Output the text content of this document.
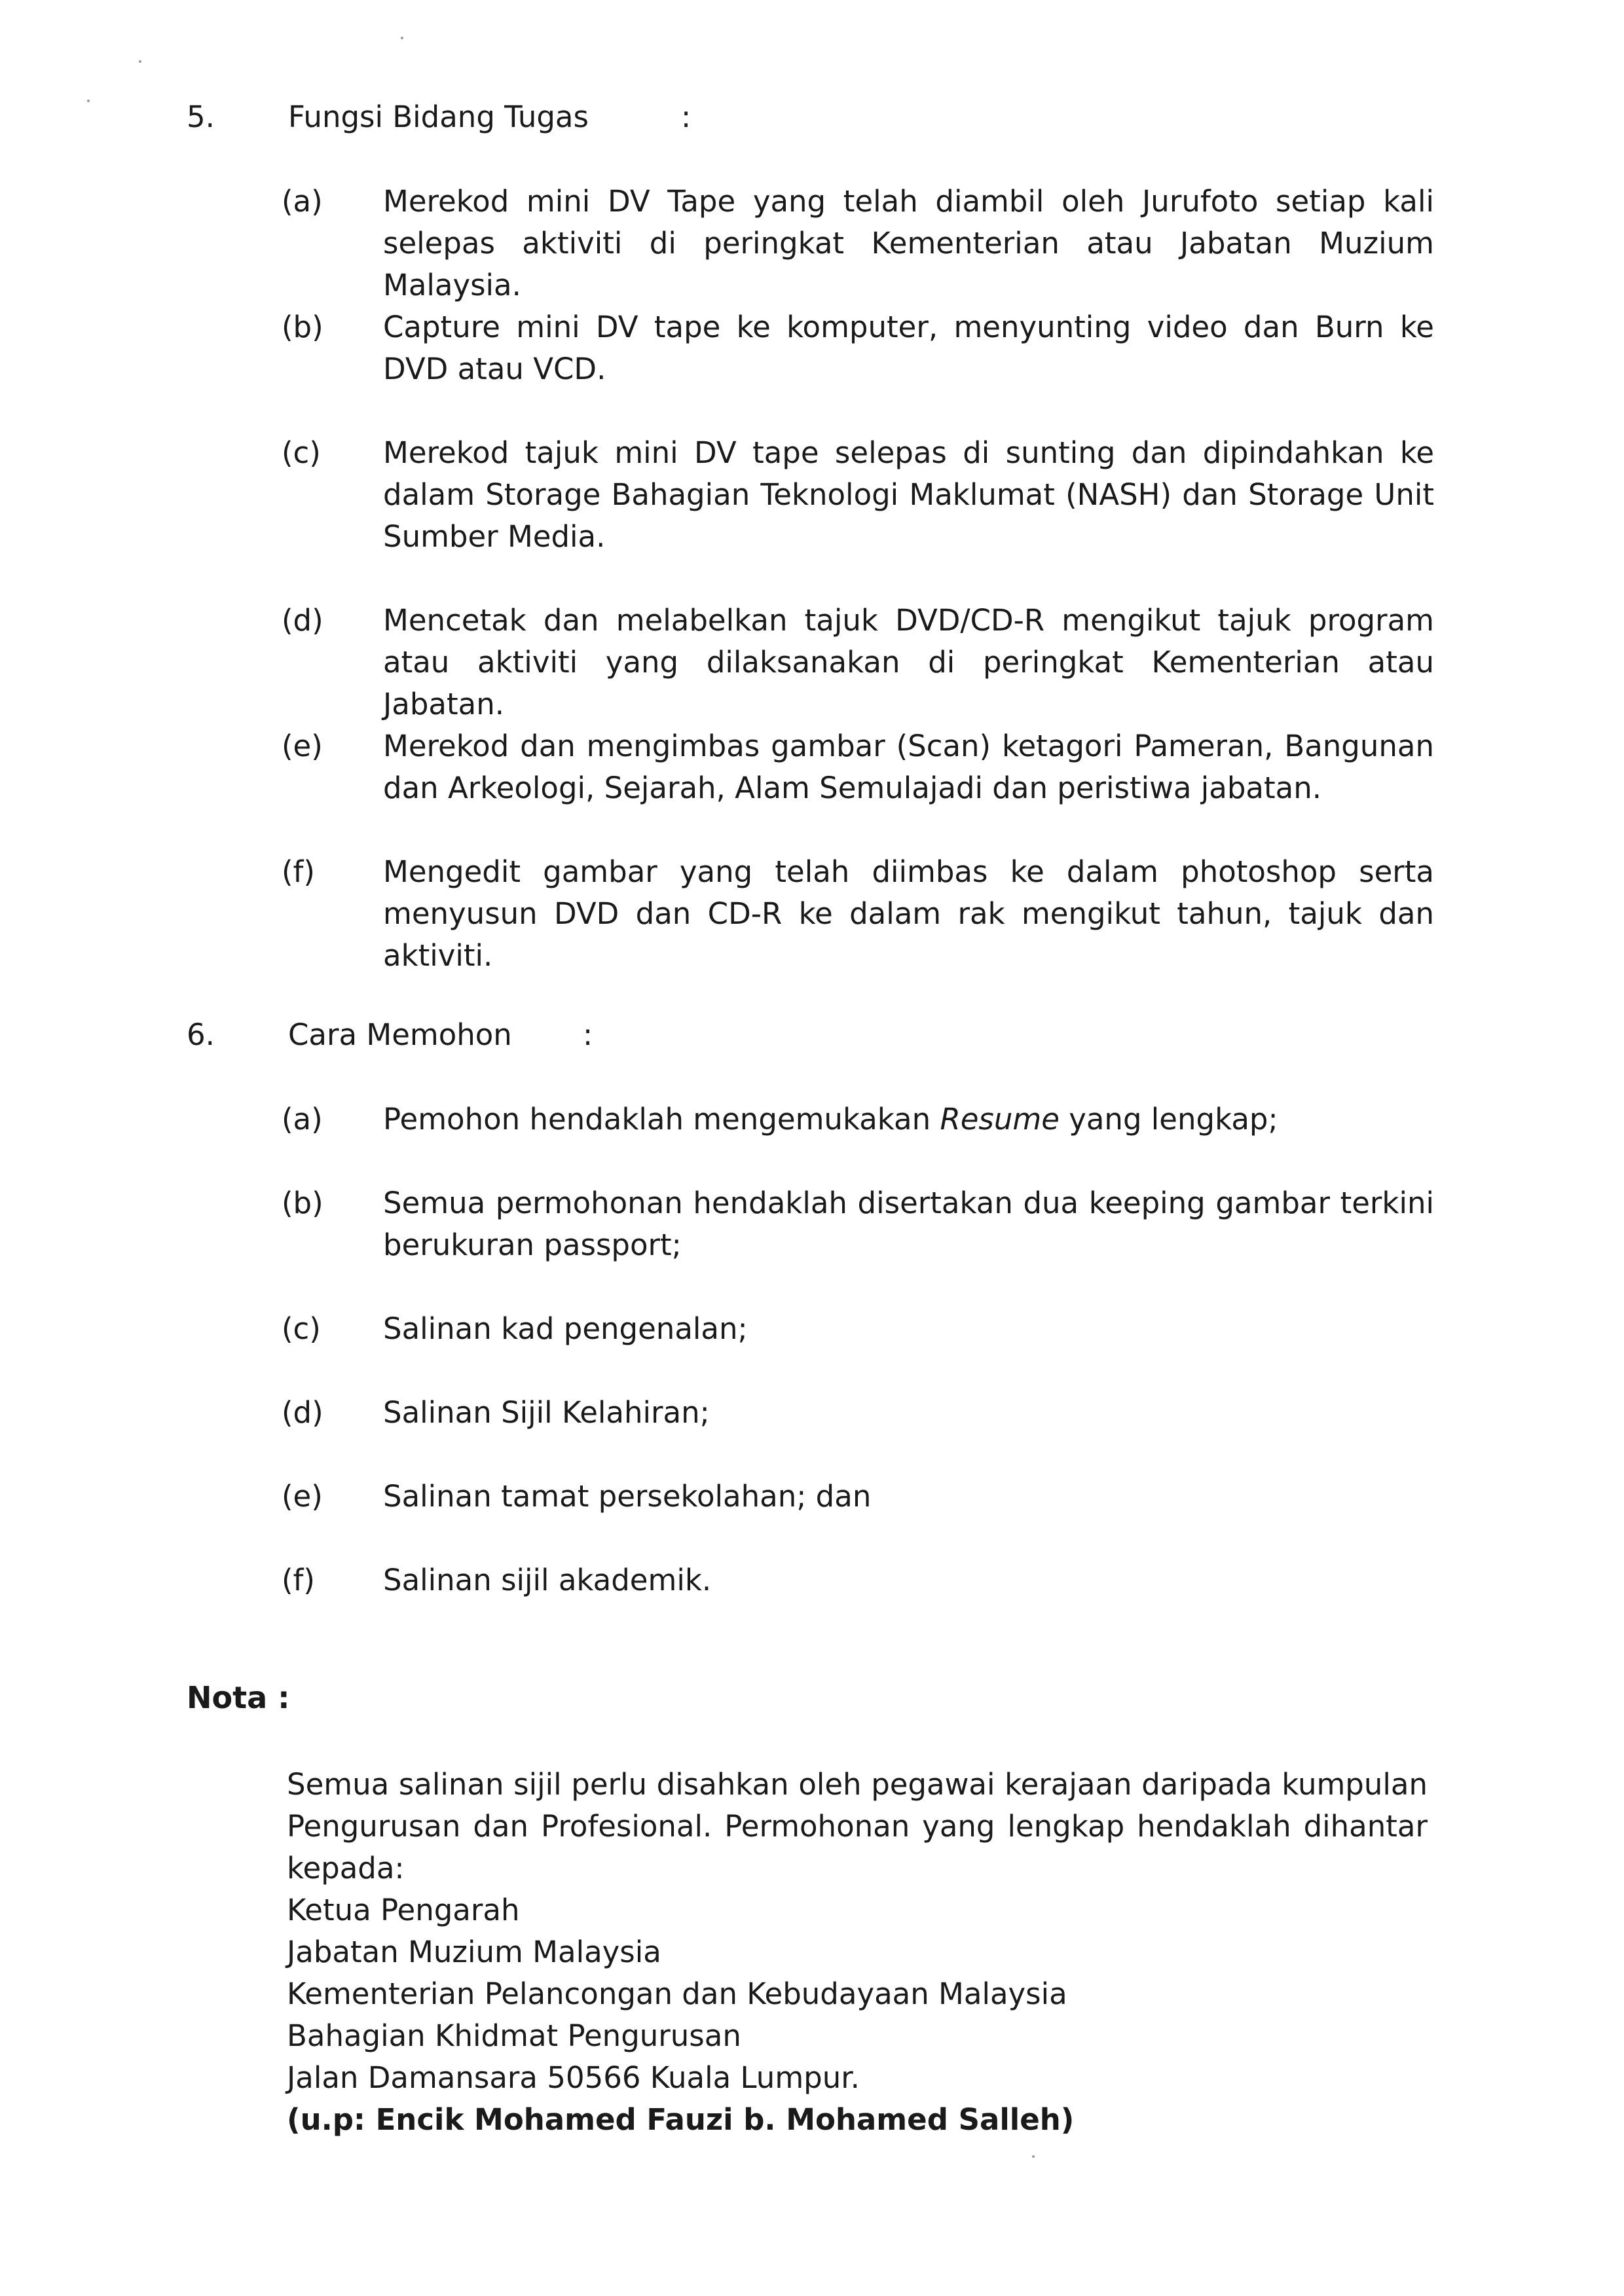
5. Fungsi Bidang Tugas	:
(a)	Merekod mini DV Tape yang telah diambil oleh Jurufoto setiap kali selepas aktiviti di peringkat Kementerian atau Jabatan Muzium Malaysia.
(b)	Capture mini DV tape ke komputer, menyunting video dan Burn ke DVD atau VCD.
(c)	Merekod tajuk mini DV tape selepas di sunting dan dipindahkan ke dalam Storage Bahagian Teknologi Maklumat (NASH) dan Storage Unit Sumber Media.
(d)	Mencetak dan melabelkan tajuk DVD/CD-R mengikut tajuk program atau aktiviti yang dilaksanakan di peringkat Kementerian atau Jabatan.
(e)	Merekod dan mengimbas gambar (Scan) ketagori Pameran, Bangunan dan Arkeologi, Sejarah, Alam Semulajadi dan peristiwa jabatan.
(f)	Mengedit gambar yang telah diimbas ke dalam photoshop serta menyusun DVD dan CD-R ke dalam rak mengikut tahun, tajuk dan aktiviti.
6. Cara Memohon :
(a)	Pemohon hendaklah mengemukakan Resume yang lengkap;
(b)	Semua permohonan hendaklah disertakan dua keeping gambar terkini berukuran passport;
(c)	Salinan kad pengenalan;
(d)	Salinan Sijil Kelahiran;
(e)	Salinan tamat persekolahan; dan
(f)	Salinan sijil akademik.
Nota :
Semua salinan sijil perlu disahkan oleh pegawai kerajaan daripada kumpulan Pengurusan dan Profesional. Permohonan yang lengkap hendaklah dihantar kepada:
Ketua Pengarah
Jabatan Muzium Malaysia
Kementerian Pelancongan dan Kebudayaan Malaysia
Bahagian Khidmat Pengurusan
Jalan Damansara 50566 Kuala Lumpur.
(u.p: Encik Mohamed Fauzi b. Mohamed Salleh)
